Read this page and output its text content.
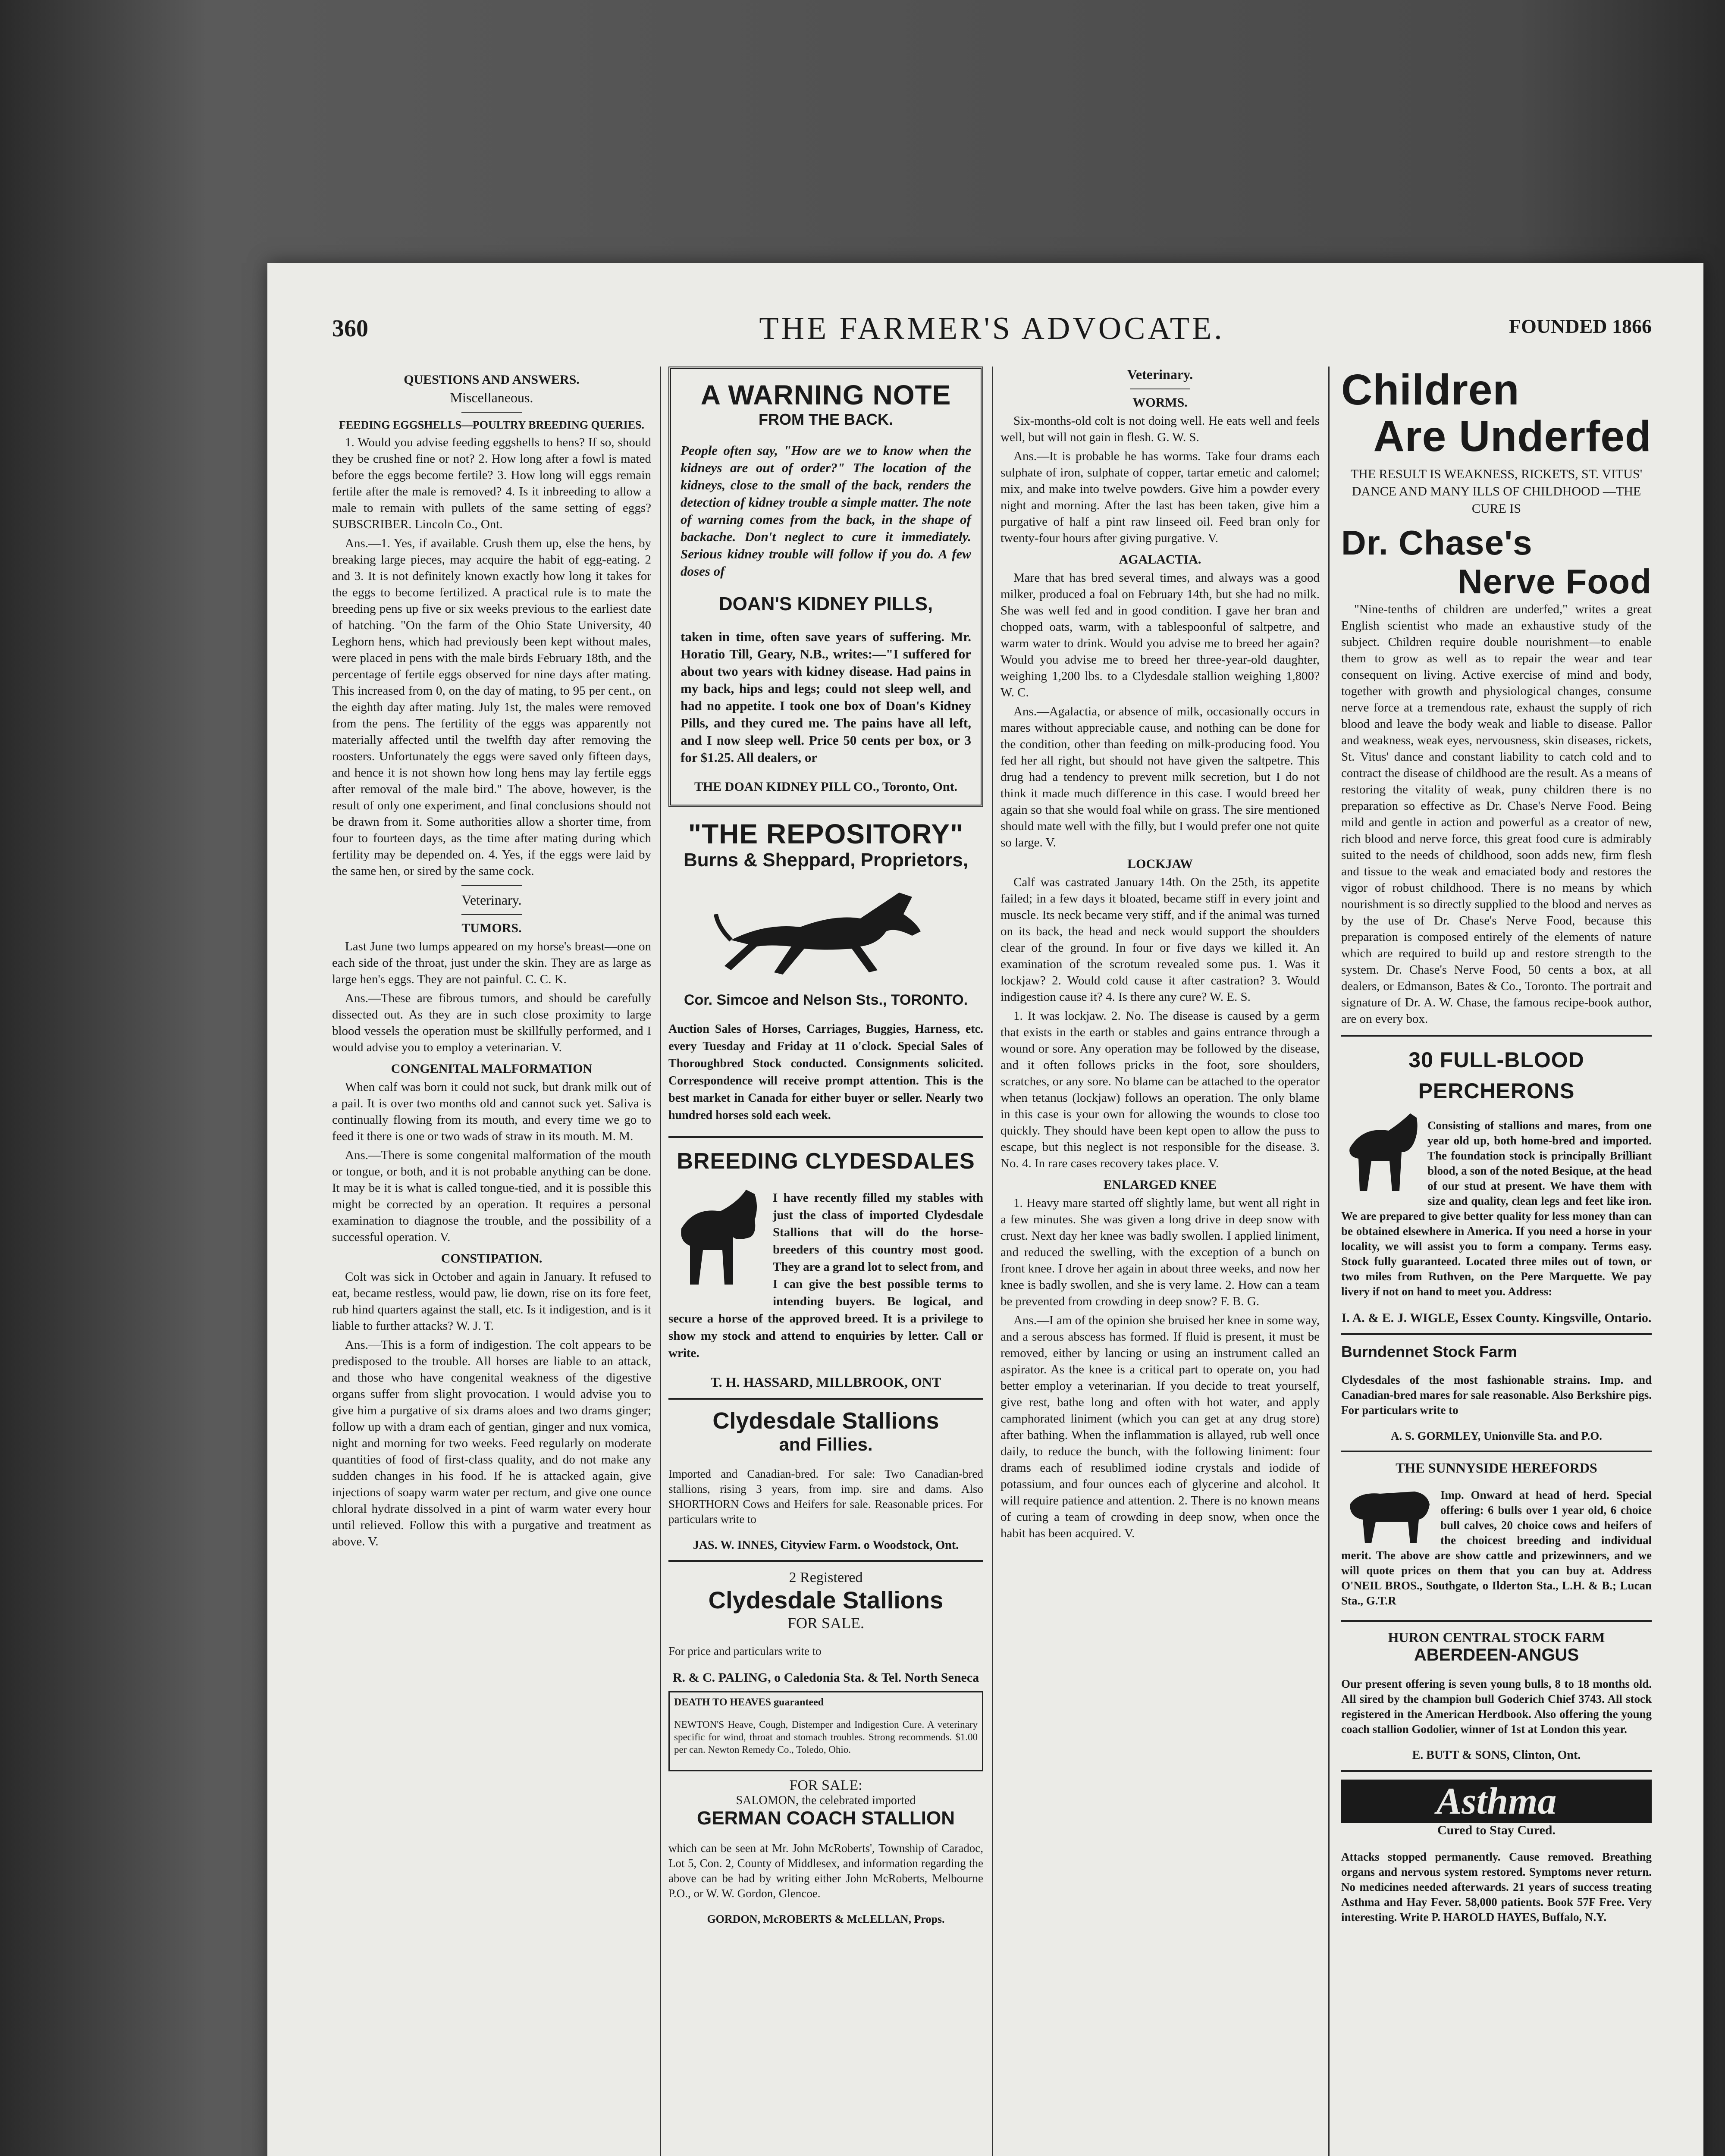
360	THE FARMER'S ADVOCATE.	FOUNDED 1866
QUESTIONS AND ANSWERS.
Miscellaneous.
FEEDING EGGSHELLS—POULTRY BREEDING QUERIES.

1. Would you advise feeding eggshells to hens? If so, should they be crushed fine or not? 2. How long after a fowl is mated before the eggs become fertile? 3. How long will eggs remain fertile after the male is removed? 4. Is it inbreeding to allow a male to remain with pullets of the same setting of eggs? SUBSCRIBER. Lincoln Co., Ont.

Ans.—1. Yes, if available. Crush them up, else the hens, by breaking large pieces, may acquire the habit of egg-eating. 2 and 3. It is not definitely known exactly how long it takes for the eggs to become fertilized. A practical rule is to mate the breeding pens up five or six weeks previous to the earliest date of hatching. "On the farm of the Ohio State University, 40 Leghorn hens, which had previously been kept without males, were placed in pens with the male birds February 18th, and the percentage of fertile eggs observed for nine days after mating. This increased from 0, on the day of mating, to 95 per cent., on the eighth day after mating. July 1st, the males were removed from the pens. The fertility of the eggs was apparently not materially affected until the twelfth day after removing the roosters. Unfortunately the eggs were saved only fifteen days, and hence it is not shown how long hens may lay fertile eggs after removal of the male bird." The above, however, is the result of only one experiment, and final conclusions should not be drawn from it. Some authorities allow a shorter time, from four to fourteen days, as the time after mating during which fertility may be depended on. 4. Yes, if the eggs were laid by the same hen, or sired by the same cock.

Veterinary.
TUMORS.

Last June two lumps appeared on my horse's breast—one on each side of the throat, just under the skin. They are as large as large hen's eggs. They are not painful. C. C. K.

Ans.—These are fibrous tumors, and should be carefully dissected out. As they are in such close proximity to large blood vessels the operation must be skillfully performed, and I would advise you to employ a veterinarian. V.

CONGENITAL MALFORMATION

When calf was born it could not suck, but drank milk out of a pail. It is over two months old and cannot suck yet. Saliva is continually flowing from its mouth, and every time we go to feed it there is one or two wads of straw in its mouth. M. M.

Ans.—There is some congenital malformation of the mouth or tongue, or both, and it is not probable anything can be done. It may be it is what is called tongue-tied, and it is possible this might be corrected by an operation. It requires a personal examination to diagnose the trouble, and the possibility of a successful operation. V.

CONSTIPATION.

Colt was sick in October and again in January. It refused to eat, became restless, would paw, lie down, rise on its fore feet, rub hind quarters against the stall, etc. Is it indigestion, and is it liable to further attacks? W. J. T.

Ans.—This is a form of indigestion. The colt appears to be predisposed to the trouble. All horses are liable to an attack, and those who have congenital weakness of the digestive organs suffer from slight provocation. I would advise you to give him a purgative of six drams aloes and two drams ginger; follow up with a dram each of gentian, ginger and nux vomica, night and morning for two weeks. Feed regularly on moderate quantities of food of first-class quality, and do not make any sudden changes in his food. If he is attacked again, give injections of soapy warm water per rectum, and give one ounce chloral hydrate dissolved in a pint of warm water every hour until relieved. Follow this with a purgative and treatment as above. V.

A WARNING NOTE
FROM THE BACK.

People often say, "How are we to know when the kidneys are out of order?" The location of the kidneys, close to the small of the back, renders the detection of kidney trouble a simple matter. The note of warning comes from the back, in the shape of backache. Don't neglect to cure it immediately. Serious kidney trouble will follow if you do. A few doses of

DOAN'S KIDNEY PILLS,

taken in time, often save years of suffering. Mr. Horatio Till, Geary, N.B., writes:—"I suffered for about two years with kidney disease. Had pains in my back, hips and legs; could not sleep well, and had no appetite. I took one box of Doan's Kidney Pills, and they cured me. The pains have all left, and I now sleep well. Price 50 cents per box, or 3 for $1.25. All dealers, or

THE DOAN KIDNEY PILL CO., Toronto, Ont.
"THE REPOSITORY"
Burns & Sheppard, Proprietors,
Cor. Simcoe and Nelson Sts., TORONTO.

Auction Sales of Horses, Carriages, Buggies, Harness, etc. every Tuesday and Friday at 11 o'clock. Special Sales of Thoroughbred Stock conducted. Consignments solicited. Correspondence will receive prompt attention. This is the best market in Canada for either buyer or seller. Nearly two hundred horses sold each week.

BREEDING CLYDESDALES

I have recently filled my stables with just the class of imported Clydesdale Stallions that will do the horse-breeders of this country most good. They are a grand lot to select from, and I can give the best possible terms to intending buyers. Be logical, and secure a horse of the approved breed. It is a privilege to show my stock and attend to enquiries by letter. Call or write.

T. H. HASSARD, MILLBROOK, ONT
Clydesdale Stallions
and Fillies.

Imported and Canadian-bred. For sale: Two Canadian-bred stallions, rising 3 years, from imp. sire and dams. Also SHORTHORN Cows and Heifers for sale. Reasonable prices. For particulars write to

JAS. W. INNES, Cityview Farm. o Woodstock, Ont.
2 Registered
Clydesdale Stallions
FOR SALE.

For price and particulars write to

R. & C. PALING, o Caledonia Sta. & Tel. North Seneca
DEATH TO HEAVES guaranteed

NEWTON'S Heave, Cough, Distemper and Indigestion Cure. A veterinary specific for wind, throat and stomach troubles. Strong recommends. $1.00 per can. Newton Remedy Co., Toledo, Ohio.

FOR SALE:
SALOMON, the celebrated imported
GERMAN COACH STALLION

which can be seen at Mr. John McRoberts', Township of Caradoc, Lot 5, Con. 2, County of Middlesex, and information regarding the above can be had by writing either John McRoberts, Melbourne P.O., or W. W. Gordon, Glencoe.

GORDON, McROBERTS & McLELLAN, Props.
Veterinary.
WORMS.

Six-months-old colt is not doing well. He eats well and feels well, but will not gain in flesh. G. W. S.

Ans.—It is probable he has worms. Take four drams each sulphate of iron, sulphate of copper, tartar emetic and calomel; mix, and make into twelve powders. Give him a powder every night and morning. After the last has been taken, give him a purgative of half a pint raw linseed oil. Feed bran only for twenty-four hours after giving purgative. V.

AGALACTIA.

Mare that has bred several times, and always was a good milker, produced a foal on February 14th, but she had no milk. She was well fed and in good condition. I gave her bran and chopped oats, warm, with a tablespoonful of saltpetre, and warm water to drink. Would you advise me to breed her again? Would you advise me to breed her three-year-old daughter, weighing 1,200 lbs. to a Clydesdale stallion weighing 1,800? W. C.

Ans.—Agalactia, or absence of milk, occasionally occurs in mares without appreciable cause, and nothing can be done for the condition, other than feeding on milk-producing food. You fed her all right, but should not have given the saltpetre. This drug had a tendency to prevent milk secretion, but I do not think it made much difference in this case. I would breed her again so that she would foal while on grass. The sire mentioned should mate well with the filly, but I would prefer one not quite so large. V.

LOCKJAW

Calf was castrated January 14th. On the 25th, its appetite failed; in a few days it bloated, became stiff in every joint and muscle. Its neck became very stiff, and if the animal was turned on its back, the head and neck would support the shoulders clear of the ground. In four or five days we killed it. An examination of the scrotum revealed some pus. 1. Was it lockjaw? 2. Would cold cause it after castration? 3. Would indigestion cause it? 4. Is there any cure? W. E. S.

1. It was lockjaw. 2. No. The disease is caused by a germ that exists in the earth or stables and gains entrance through a wound or sore. Any operation may be followed by the disease, and it often follows pricks in the foot, sore shoulders, scratches, or any sore. No blame can be attached to the operator when tetanus (lockjaw) follows an operation. The only blame in this case is your own for allowing the wounds to close too quickly. They should have been kept open to allow the puss to escape, but this neglect is not responsible for the disease. 3. No. 4. In rare cases recovery takes place. V.

ENLARGED KNEE

1. Heavy mare started off slightly lame, but went all right in a few minutes. She was given a long drive in deep snow with crust. Next day her knee was badly swollen. I applied liniment, and reduced the swelling, with the exception of a bunch on front knee. I drove her again in about three weeks, and now her knee is badly swollen, and she is very lame. 2. How can a team be prevented from crowding in deep snow? F. B. G.

Ans.—I am of the opinion she bruised her knee in some way, and a serous abscess has formed. If fluid is present, it must be removed, either by lancing or using an instrument called an aspirator. As the knee is a critical part to operate on, you had better employ a veterinarian. If you decide to treat yourself, give rest, bathe long and often with hot water, and apply camphorated liniment (which you can get at any drug store) after bathing. When the inflammation is allayed, rub well once daily, to reduce the bunch, with the following liniment: four drams each of resublimed iodine crystals and iodide of potassium, and four ounces each of glycerine and alcohol. It will require patience and attention. 2. There is no known means of curing a team of crowding in deep snow, when once the habit has been acquired. V.

Children
Are Underfed

THE RESULT IS WEAKNESS, RICKETS, ST. VITUS' DANCE AND MANY ILLS OF CHILDHOOD —THE CURE IS

Dr. Chase's
Nerve Food

"Nine-tenths of children are underfed," writes a great English scientist who made an exhaustive study of the subject. Children require double nourishment—to enable them to grow as well as to repair the wear and tear consequent on living. Active exercise of mind and body, together with growth and physiological changes, consume nerve force at a tremendous rate, exhaust the supply of rich blood and leave the body weak and liable to disease. Pallor and weakness, weak eyes, nervousness, skin diseases, rickets, St. Vitus' dance and constant liability to catch cold and to contract the disease of childhood are the result. As a means of restoring the vitality of weak, puny children there is no preparation so effective as Dr. Chase's Nerve Food. Being mild and gentle in action and powerful as a creator of new, rich blood and nerve force, this great food cure is admirably suited to the needs of childhood, soon adds new, firm flesh and tissue to the weak and emaciated body and restores the vigor of robust childhood. There is no means by which nourishment is so directly supplied to the blood and nerves as by the use of Dr. Chase's Nerve Food, because this preparation is composed entirely of the elements of nature which are required to build up and restore strength to the system. Dr. Chase's Nerve Food, 50 cents a box, at all dealers, or Edmanson, Bates & Co., Toronto. The portrait and signature of Dr. A. W. Chase, the famous recipe-book author, are on every box.

30 FULL-BLOOD PERCHERONS

Consisting of stallions and mares, from one year old up, both home-bred and imported. The foundation stock is principally Brilliant blood, a son of the noted Besique, at the head of our stud at present. We have them with size and quality, clean legs and feet like iron. We are prepared to give better quality for less money than can be obtained elsewhere in America. If you need a horse in your locality, we will assist you to form a company. Terms easy. Stock fully guaranteed. Located three miles out of town, or two miles from Ruthven, on the Pere Marquette. We pay livery if not on hand to meet you. Address:

I. A. & E. J. WIGLE, Essex County. Kingsville, Ontario.
Burndennet Stock Farm

Clydesdales of the most fashionable strains. Imp. and Canadian-bred mares for sale reasonable. Also Berkshire pigs. For particulars write to

A. S. GORMLEY, Unionville Sta. and P.O.
THE SUNNYSIDE HEREFORDS

Imp. Onward at head of herd. Special offering: 6 bulls over 1 year old, 6 choice bull calves, 20 choice cows and heifers of the choicest breeding and individual merit. The above are show cattle and prizewinners, and we will quote prices on them that you can buy at. Address O'NEIL BROS., Southgate, o Ilderton Sta., L.H. & B.; Lucan Sta., G.T.R

HURON CENTRAL STOCK FARM
ABERDEEN-ANGUS

Our present offering is seven young bulls, 8 to 18 months old. All sired by the champion bull Goderich Chief 3743. All stock registered in the American Herdbook. Also offering the young coach stallion Godolier, winner of 1st at London this year.

E. BUTT & SONS, Clinton, Ont.
Asthma
Cured to Stay Cured.

Attacks stopped permanently. Cause removed. Breathing organs and nervous system restored. Symptoms never return. No medicines needed afterwards. 21 years of success treating Asthma and Hay Fever. 58,000 patients. Book 57F Free. Very interesting. Write P. HAROLD HAYES, Buffalo, N.Y.
